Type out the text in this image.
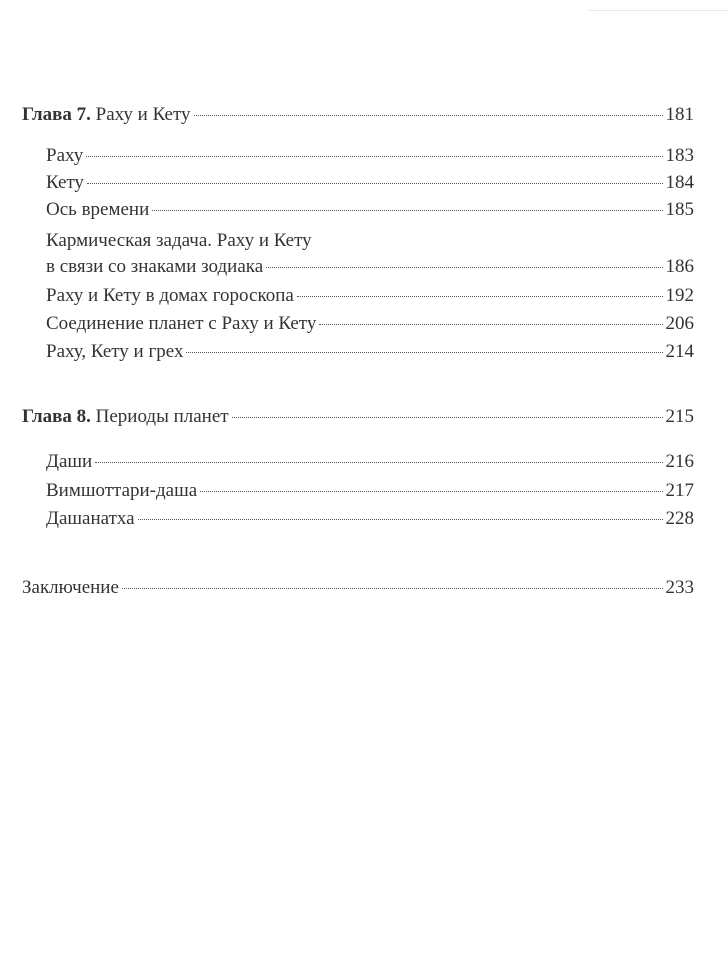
Глава 7. Раху и Кету	181
Раху	183
Кету	184
Ось времени	185
Кармическая задача. Раху и Кету
в связи со знаками зодиака	186
Раху и Кету в домах гороскопа	192
Соединение планет с Раху и Кету	206
Раху, Кету и грех	214
Глава 8. Периоды планет	215
Даши	216
Вимшоттари-даша	217
Дашанатха	228
Заключение	233
